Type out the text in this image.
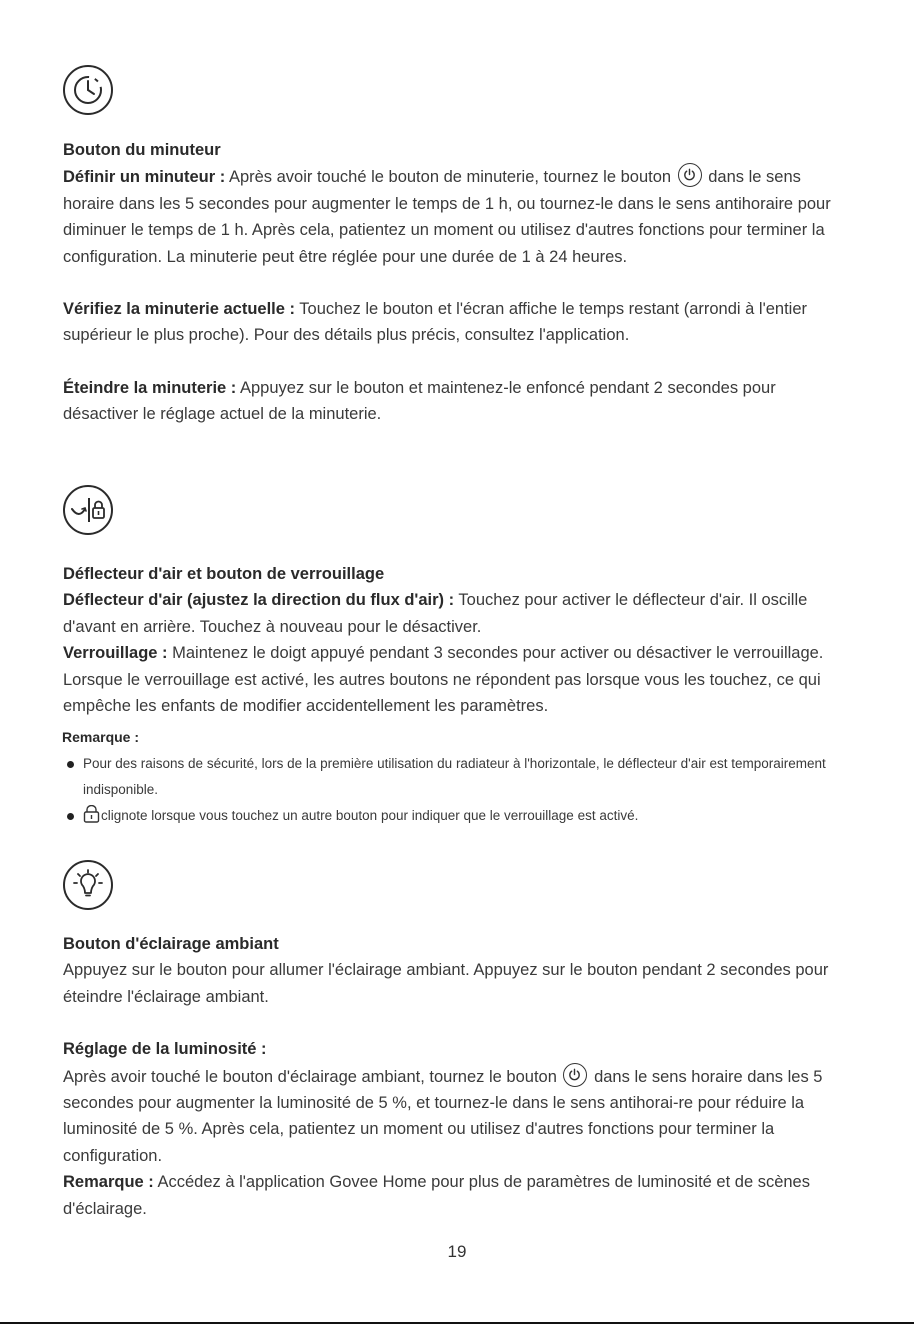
Bouton du minuteur

Définir un minuteur : Après avoir touché le bouton de minuterie, tournez le bouton dans le sens horaire dans les 5 secondes pour augmenter le temps de 1 h, ou tournez-le dans le sens antihoraire pour diminuer le temps de 1 h. Après cela, patientez un moment ou utilisez d'autres fonctions pour terminer la configuration. La minuterie peut être réglée pour une durée de 1 à 24 heures.

Vérifiez la minuterie actuelle : Touchez le bouton et l'écran affiche le temps restant (arrondi à l'entier supérieur le plus proche). Pour des détails plus précis, consultez l'application.

Éteindre la minuterie : Appuyez sur le bouton et maintenez-le enfoncé pendant 2 secondes pour désactiver le réglage actuel de la minuterie.

Déflecteur d'air et bouton de verrouillage

Déflecteur d'air (ajustez la direction du flux d'air) : Touchez pour activer le déflecteur d'air. Il oscille d'avant en arrière. Touchez à nouveau pour le désactiver.

Verrouillage : Maintenez le doigt appuyé pendant 3 secondes pour activer ou désactiver le verrouillage. Lorsque le verrouillage est activé, les autres boutons ne répondent pas lorsque vous les touchez, ce qui empêche les enfants de modifier accidentellement les paramètres.

Remarque :

Pour des raisons de sécurité, lors de la première utilisation du radiateur à l'horizontale, le déflecteur d'air est temporairement indisponible.
clignote lorsque vous touchez un autre bouton pour indiquer que le verrouillage est activé.

Bouton d'éclairage ambiant

Appuyez sur le bouton pour allumer l'éclairage ambiant. Appuyez sur le bouton pendant 2 secondes pour éteindre l'éclairage ambiant.

Réglage de la luminosité :

Après avoir touché le bouton d'éclairage ambiant, tournez le bouton dans le sens horaire dans les 5 secondes pour augmenter la luminosité de 5 %, et tournez-le dans le sens antihorai-re pour réduire la luminosité de 5 %. Après cela, patientez un moment ou utilisez d'autres fonctions pour terminer la configuration.

Remarque : Accédez à l'application Govee Home pour plus de paramètres de luminosité et de scènes d'éclairage.

19
